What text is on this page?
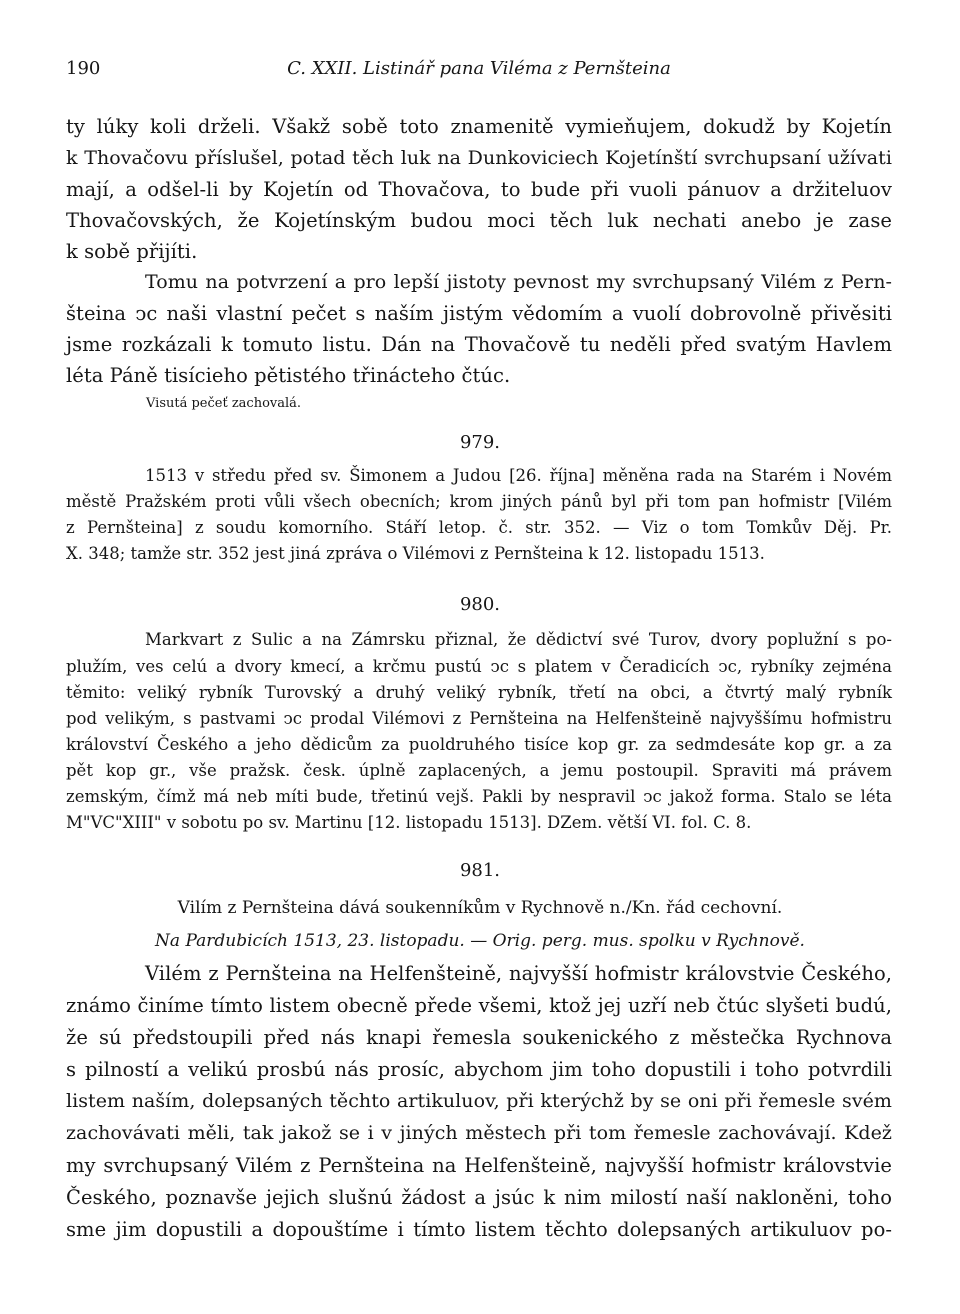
190	C. XXII. Listinář pana Viléma z Pernšteina
ty lúky koli drželi. Všakž sobě toto znamenitě vymieňujem, dokudž by Kojetín
k Thovačovu příslušel, potad těch luk na Dunkoviciech Kojetínští svrchupsaní užívati
mají, a odšel-li by Kojetín od Thovačova, to bude při vuoli pánuov a držiteluov
Thovačovských, že Kojetínským budou moci těch luk nechati anebo je zase
k sobě přijíti.
Tomu na potvrzení a pro lepší jistoty pevnost my svrchupsaný Vilém z Pern-
šteina ↄc naši vlastní pečet s naším jistým vědomím a vuolí dobrovolně přivěsiti
jsme rozkázali k tomuto listu. Dán na Thovačově tu neděli před svatým Havlem
léta Páně tisícieho pětistého třinácteho čtúc.
Visutá pečeť zachovalá.
979.
1513 v středu před sv. Šimonem a Judou [26. října] měněna rada na Starém i Novém
městě Pražském proti vůli všech obecních; krom jiných pánů byl při tom pan hofmistr [Vilém
z Pernšteina] z soudu komorního. Stáří letop. č. str. 352. — Viz o tom Tomkův Děj. Pr.
X. 348; tamže str. 352 jest jiná zpráva o Vilémovi z Pernšteina k 12. listopadu 1513.
980.
Markvart z Sulic a na Zámrsku přiznal, že dědictví své Turov, dvory poplužní s po-
plužím, ves celú a dvory kmecí, a krčmu pustú ↄc s platem v Čeradicích ↄc, rybníky zejména
těmito: veliký rybník Turovský a druhý veliký rybník, třetí na obci, a čtvrtý malý rybník
pod velikým, s pastvami ↄc prodal Vilémovi z Pernšteina na Helfenšteině najvyššímu hofmistru
království Českého a jeho dědicům za puoldruhého tisíce kop gr. za sedmdesáte kop gr. a za
pět kop gr., vše pražsk. česk. úplně zaplacených, a jemu postoupil. Spraviti má právem
zemským, čímž má neb míti bude, třetinú vejš. Pakli by nespravil ↄc jakož forma. Stalo se léta
M"VC"XIII" v sobotu po sv. Martinu [12. listopadu 1513]. DZem. větší VI. fol. C. 8.
981.
Vilím z Pernšteina dává soukenníkům v Rychnově n./Kn. řád cechovní.
Na Pardubicích 1513, 23. listopadu. — Orig. perg. mus. spolku v Rychnově.
Vilém z Pernšteina na Helfenšteině, najvyšší hofmistr královstvie Českého,
známo činíme tímto listem obecně přede všemi, ktož jej uzří neb čtúc slyšeti budú,
že sú předstoupili před nás knapi řemesla soukenického z městečka Rychnova
s pilností a velikú prosbú nás prosíc, abychom jim toho dopustili i toho potvrdili
listem naším, dolepsaných těchto artikuluov, při kterýchž by se oni při řemesle svém
zachovávati měli, tak jakož se i v jiných městech při tom řemesle zachovávají. Kdež
my svrchupsaný Vilém z Pernšteina na Helfenšteině, najvyšší hofmistr královstvie
Českého, poznavše jejich slušnú žádost a jsúc k nim milostí naší nakloněni, toho
sme jim dopustili a dopouštíme i tímto listem těchto dolepsaných artikuluov po-
